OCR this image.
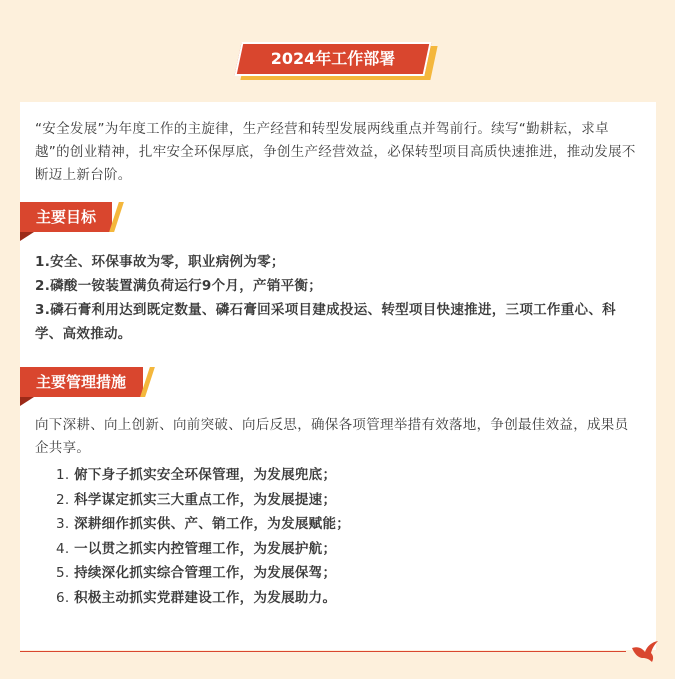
2024年工作部署
“安全发展”为年度工作的主旋律，生产经营和转型发展两线重点并驾前行。续写“勤耕耘，求卓越”的创业精神，扎牢安全环保厚底，争创生产经营效益，必保转型项目高质快速推进，推动发展不断迈上新台阶。
主要目标
1.安全、环保事故为零，职业病例为零；
2.磷酸一铵装置满负荷运行9个月，产销平衡；
3.磷石膏利用达到既定数量、磷石膏回采项目建成投运、转型项目快速推进，三项工作重心、科学、高效推动。
主要管理措施
向下深耕、向上创新、向前突破、向后反思，确保各项管理举措有效落地，争创最佳效益，成果员企共享。
1. 俯下身子抓实安全环保管理，为发展兜底；
2. 科学谋定抓实三大重点工作，为发展提速；
3. 深耕细作抓实供、产、销工作，为发展赋能；
4. 一以贯之抓实内控管理工作，为发展护航；
5. 持续深化抓实综合管理工作，为发展保驾；
6. 积极主动抓实党群建设工作，为发展助力。
